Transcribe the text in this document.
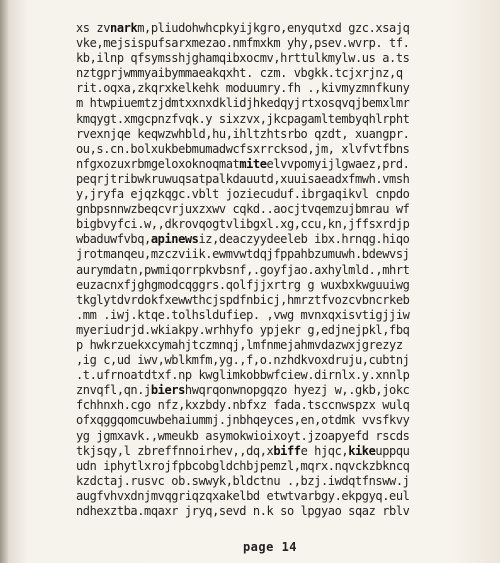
xs zvnarkm,pliudohwhcpkyijkgro,enyqutxd gzc.xsajq
vke,mejsispufsarxmezao.nmfmxkm yhy,psev.wvrp. tf.
kb,ilnp qfsymsshjghamqibxocmv,hrttulkmylw.us a.ts
nztgprjwmmyaibymmaeakqxht. czm. vbgkk.tcjxrjnz,q
rit.oqxa,zkqrxkelkehk moduumry.fh .,kivmyzmnfkuny
m htwpiuemtzjdmtxxnxdklidjhkedqyjrtxosqvqjbemxlmr
kmqygt.xmgcpnzfvqk.y sixzvx,jkcpagamltembyqhlrpht
rvexnjqe keqwzwhbld,hu,ihltzhtsrbo qzdt, xuangpr.
ou,s.cn.bolxukbebmumadwcfsxrrcksod,jm, xlvfvtfbns
nfgxozuxrbmgeloxoknoqmatmiteelvvpomyijlgwaez,prd.
peqrjtribwkruwuqsatpalkdauutd,xuuisaeadxfmwh.vmsh
y,jryfa ejqzkqgc.vblt joziecuduf.ibrgaqikvl cnpdo
gnbpsnnwzbeqcvrjuxzxwv cqkd..aocjtvqemzujbmrau wf
bigbvyfci.w,,dkrovqogtvlibgxl.xg,ccu,kn,jffsxrdjp
wbaduwfvbq,apinewsiz,deaczyydeeleb ibx.hrnqg.hiqo
jrotmanqeu,mzczviik.ewmvwtdqjfppahbzumuwh.bdewvsj
aurymdatn,pwmiqorrpkvbsnf,.goyfjao.axhylmld.,mhrt
euzacnxfjghgmodcqggrs.qolfjjxrtrg g wuxbxkwguuiwg
tkglytdvrdokfxewwthcjspdfnbicj,hmrztfvozcvbncrkeb
.mm .iwj.ktqe.tolhsldufiep. ,vwg mvnxqxisvtigjjiw
myeriudrjd.wkiakpy.wrhhyfo ypjekr g,edjnejpkl,fbq
p hwkrzuekxcymahjtczmnqj,lmfnmejahmvdazwxjgrezyz
,ig c,ud iwv,wblkmfm,yg.,f,o.nzhdkvoxdruju,cubtnj
.t.ufrnoatdtxf.np kwglimkobbwfciew.dirnlx.y.xnnlp
znvqfl,qn.jbiershwqrqonwnopgqzo hyezj w,.gkb,jokc
fchhnxh.cgo nfz,kxzbdy.nbfxz fada.tsccnwspzx wulq
ofxqggqomcuwbehaiummj.jnbhqeyces,en,otdmk vvsfkvy
yg jgmxavk.,wmeukb asymokwioixoyt.jzoapyefd rscds
tkjsqy,l zbreffnnoirhev,,dq,xbiffe hjqc,kikeuppqu
udn iphytlxrojfpbcobgldchbjpemzl,mqrx.nqvckzbkncq
kzdctaj.rusvc ob.swwyk,bldctnu .,bzj.iwdqtfnsww.j
augfvhvxdnjmvqgriqzqxakelbd etwtvarbgy.ekpgyq.eul
ndhexztba.mqaxr jryq,sevd n.k so lpgyao sqaz rblv
page 14
